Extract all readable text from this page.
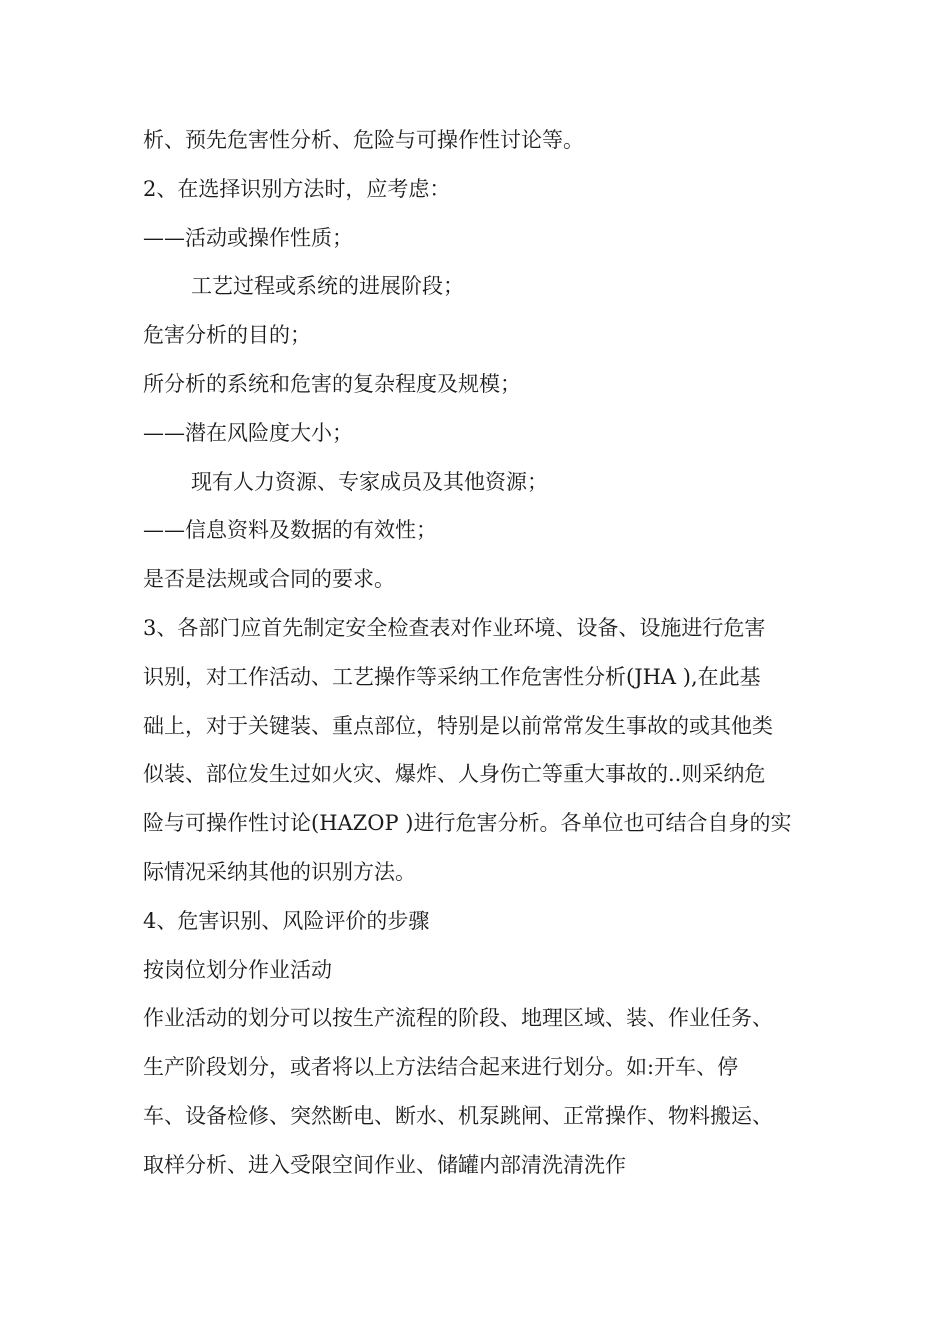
析、预先危害性分析、危险与可操作性讨论等。
2、在选择识别方法时，应考虑：
——活动或操作性质；
工艺过程或系统的进展阶段；
危害分析的目的；
所分析的系统和危害的复杂程度及规模；
——潜在风险度大小；
现有人力资源、专家成员及其他资源；
——信息资料及数据的有效性；
是否是法规或合同的要求。
3、各部门应首先制定安全检查表对作业环境、设备、设施进行危害
识别，对工作活动、工艺操作等采纳工作危害性分析(JHA ),在此基
础上，对于关键装、重点部位，特别是以前常常发生事故的或其他类
似装、部位发生过如火灾、爆炸、人身伤亡等重大事故的..则采纳危
险与可操作性讨论(HAZOP )进行危害分析。各单位也可结合自身的实
际情况采纳其他的识别方法。
4、危害识别、风险评价的步骤
按岗位划分作业活动
作业活动的划分可以按生产流程的阶段、地理区域、装、作业任务、
生产阶段划分，或者将以上方法结合起来进行划分。如:开车、停
车、设备检修、突然断电、断水、机泵跳闸、正常操作、物料搬运、
取样分析、进入受限空间作业、储罐内部清洗清洗作
